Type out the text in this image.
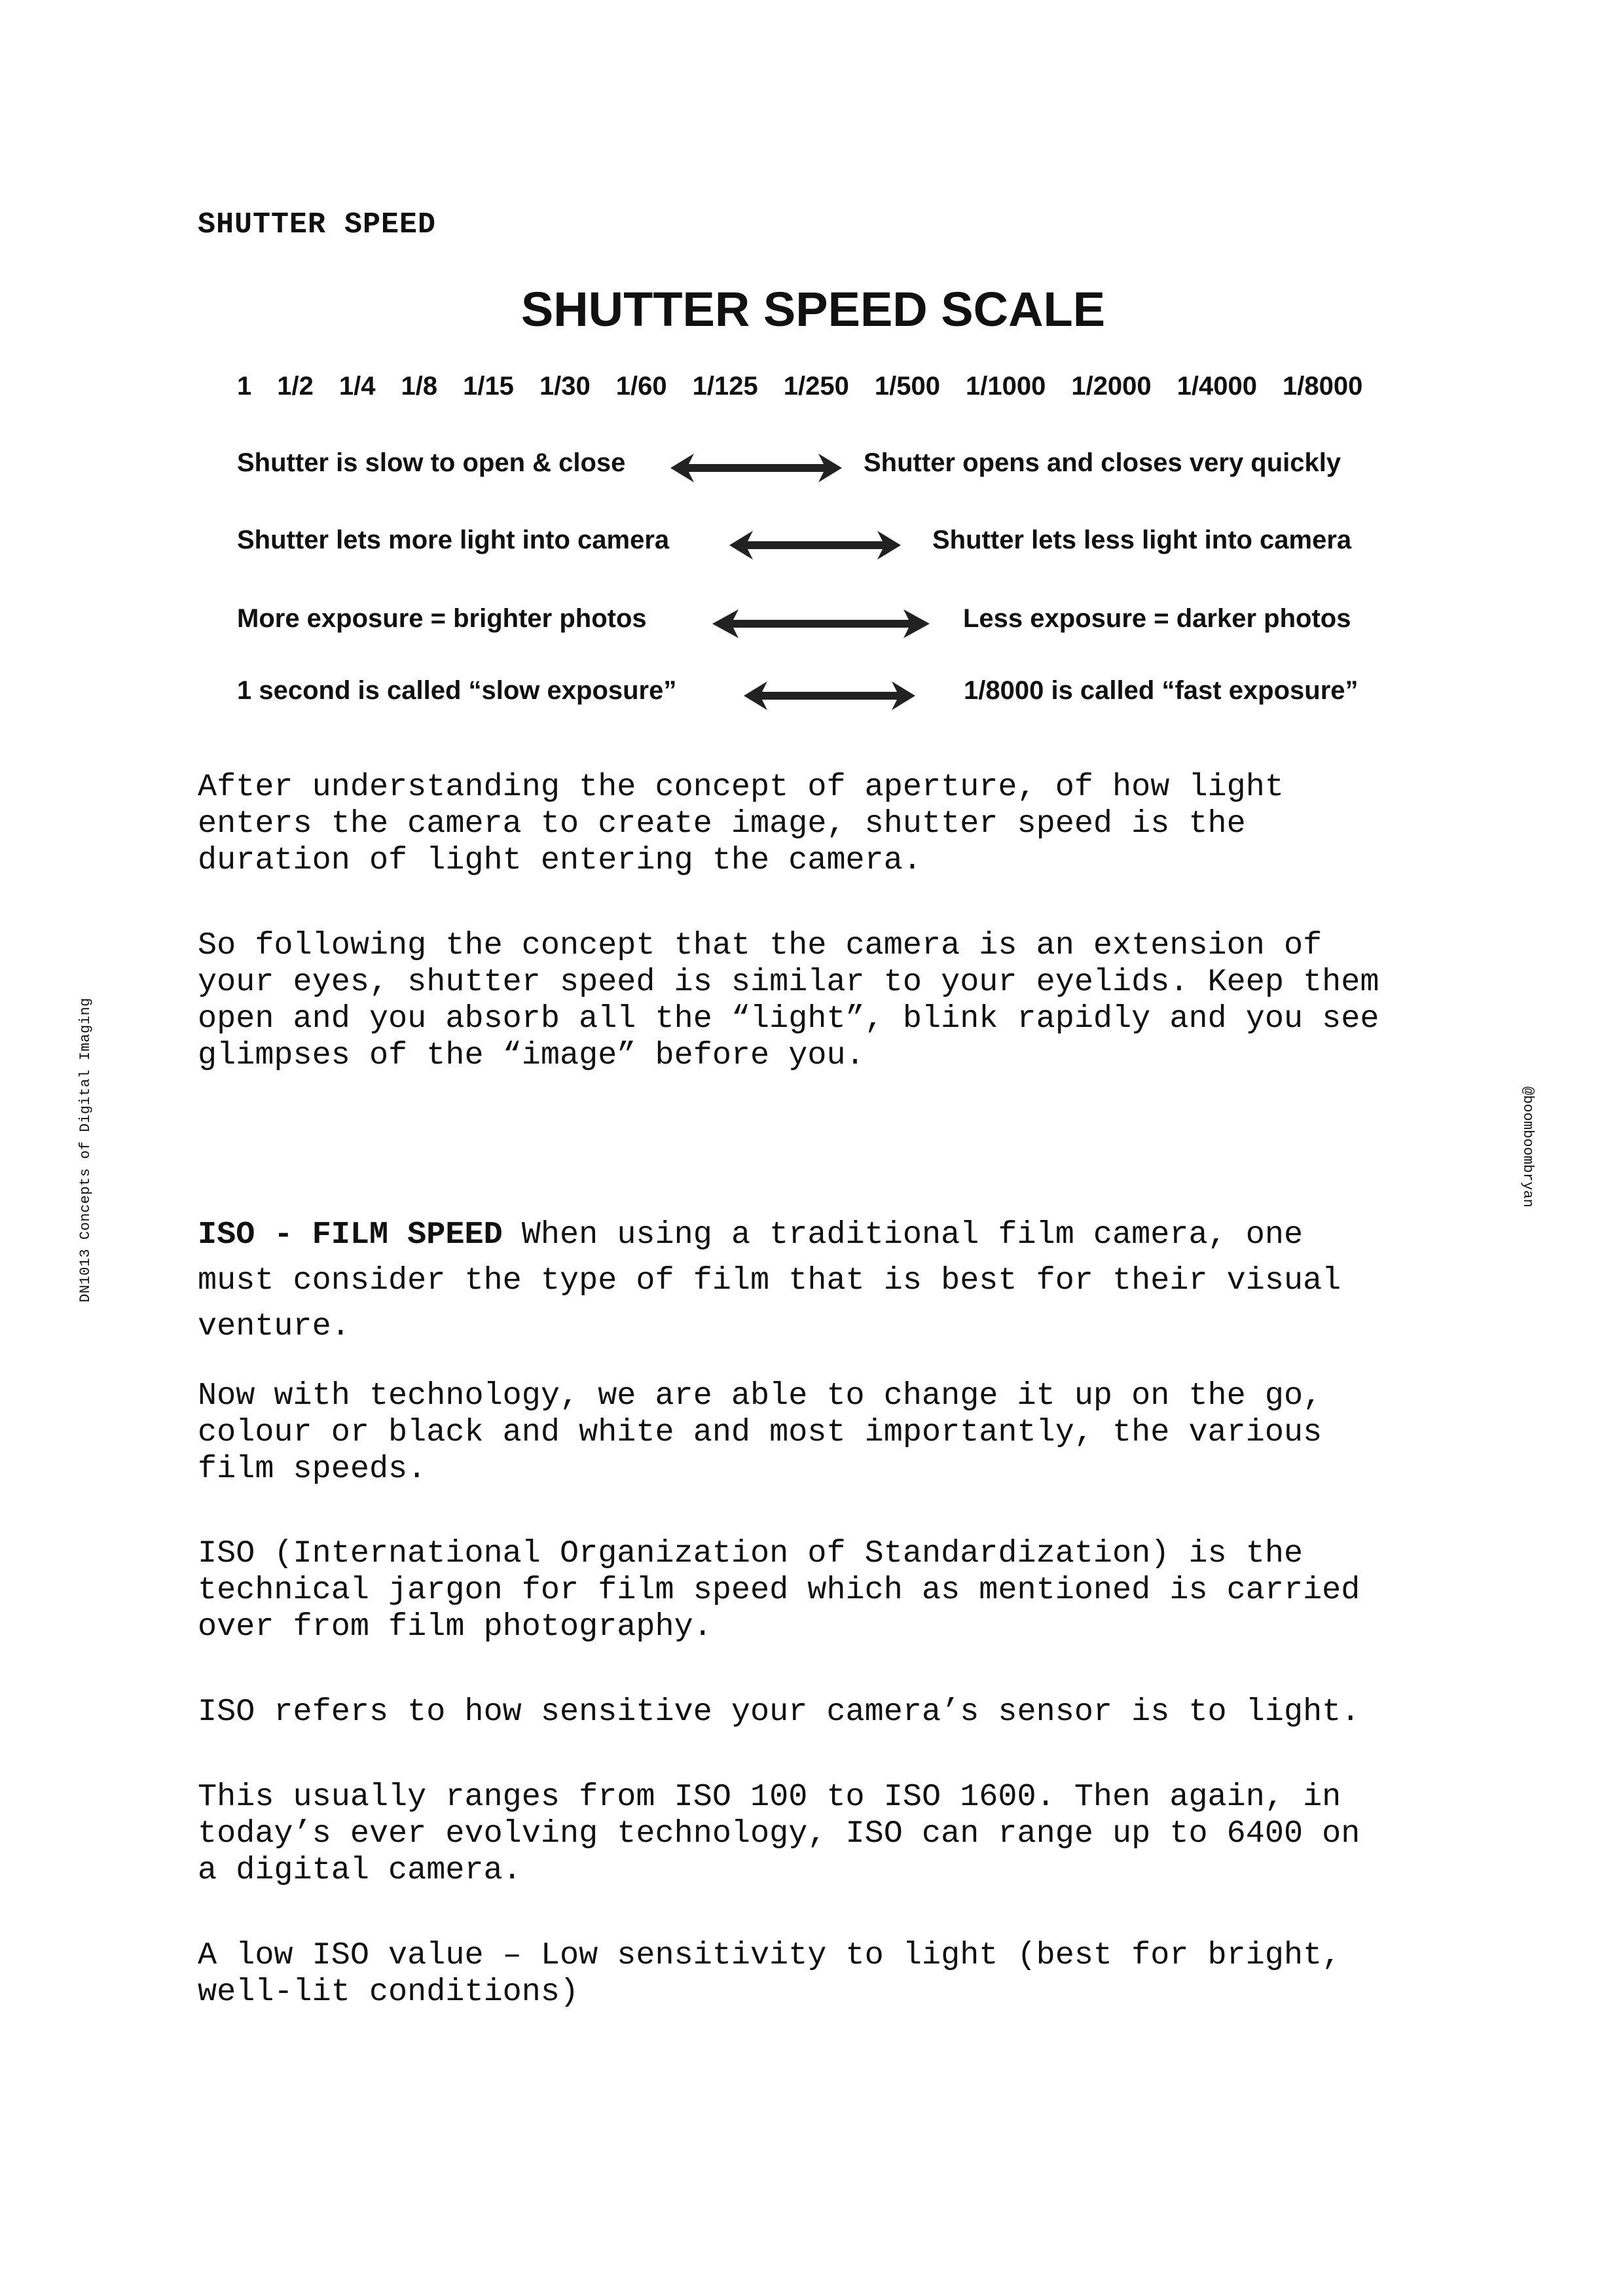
DN1013 Concepts of Digital Imaging	@boomboombryan
SHUTTER SPEED
SHUTTER SPEED SCALE
1 1/2 1/4 1/8 1/15 1/30 1/60 1/125 1/250 1/500 1/1000 1/2000 1/4000 1/8000
Shutter is slow to open & close	Shutter opens and closes very quickly
Shutter lets more light into camera	Shutter lets less light into camera
More exposure = brighter photos	Less exposure = darker photos
1 second is called “slow exposure”	1/8000 is called “fast exposure”

After understanding the concept of aperture, of how light
enters the camera to create image, shutter speed is the
duration of light entering the camera.

So following the concept that the camera is an extension of
your eyes, shutter speed is similar to your eyelids. Keep them
open and you absorb all the “light”, blink rapidly and you see
glimpses of the “image” before you.

ISO - FILM SPEED When using a traditional film camera, one
must consider the type of film that is best for their visual
venture.

Now with technology, we are able to change it up on the go,
colour or black and white and most importantly, the various
film speeds.

ISO (International Organization of Standardization) is the
technical jargon for film speed which as mentioned is carried
over from film photography.

ISO refers to how sensitive your camera’s sensor is to light.

This usually ranges from ISO 100 to ISO 1600. Then again, in
today’s ever evolving technology, ISO can range up to 6400 on
a digital camera.

A low ISO value – Low sensitivity to light (best for bright,
well-lit conditions)
